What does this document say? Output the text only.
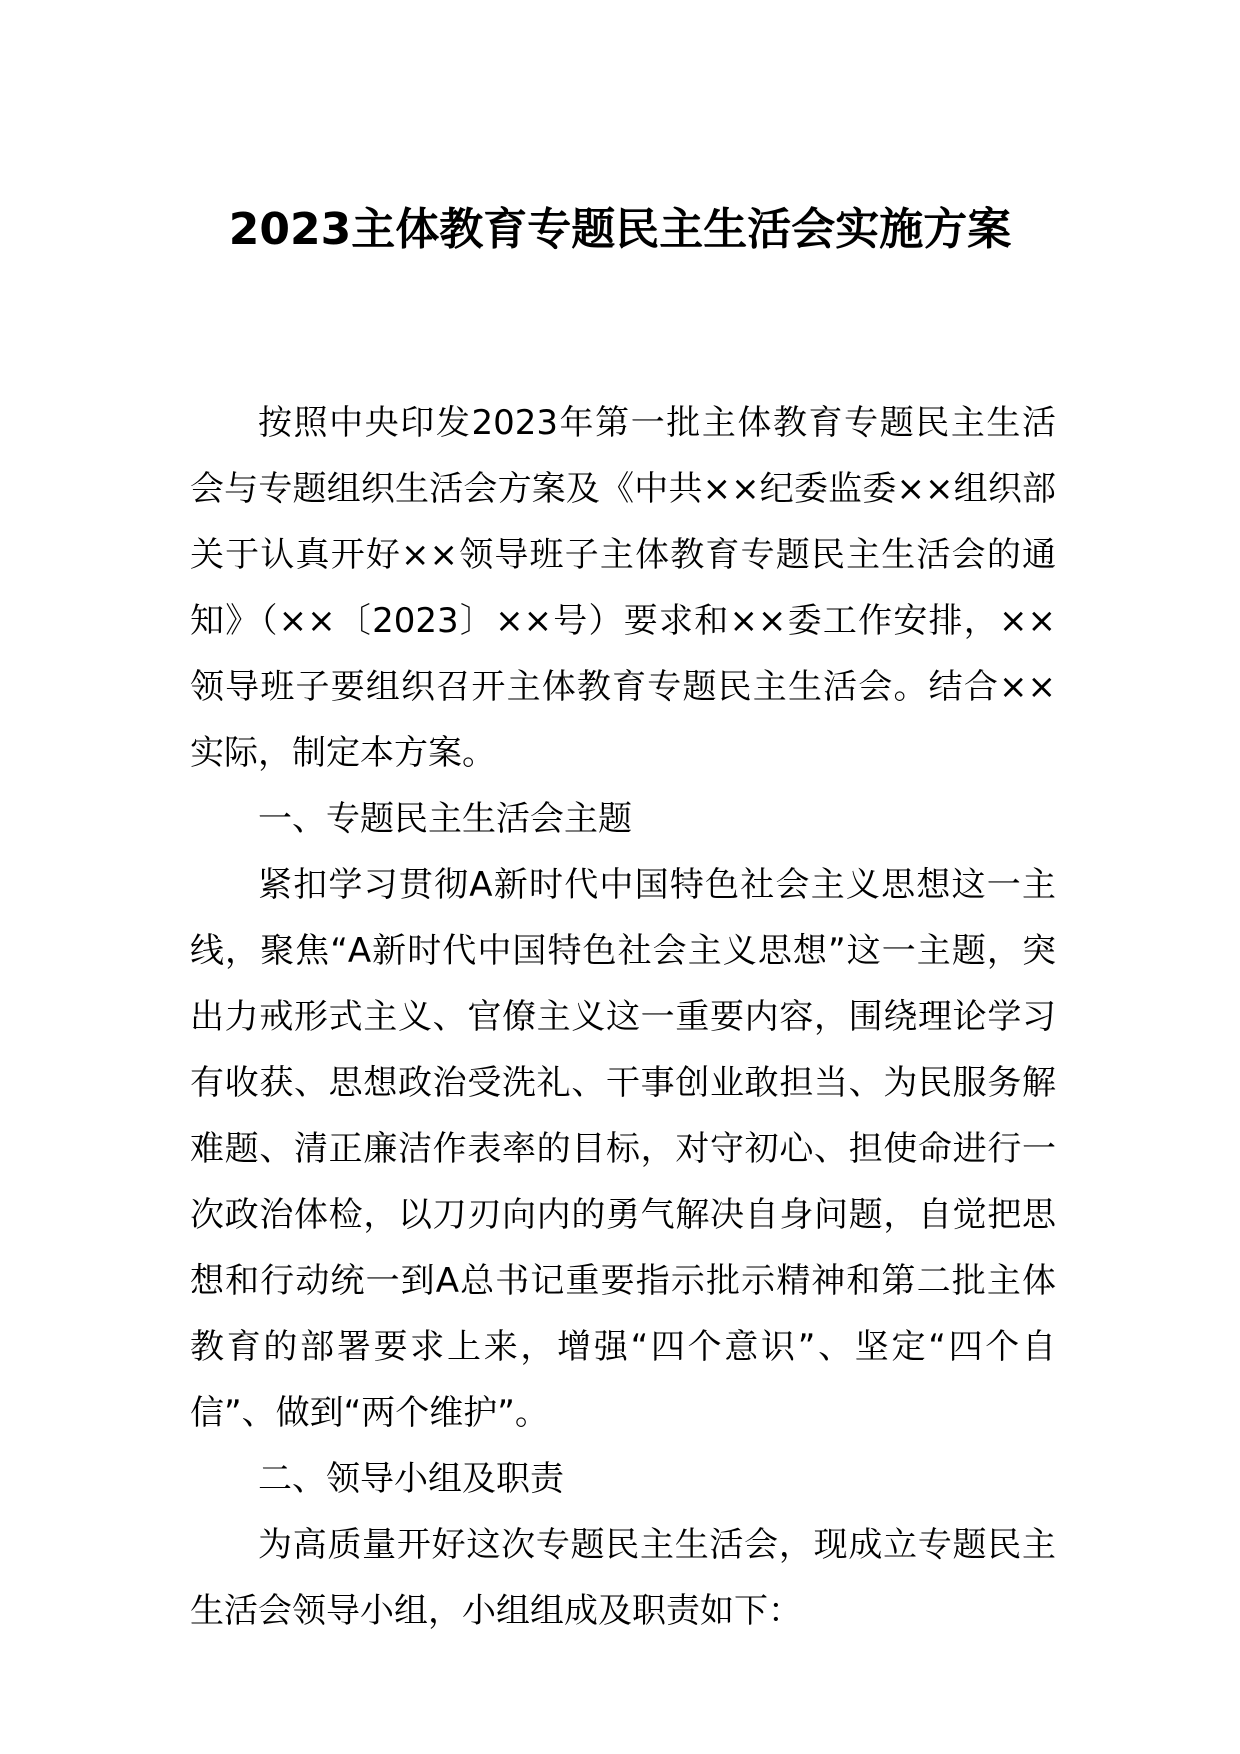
2023主体教育专题民主生活会实施方案

按照中央印发2023年第一批主体教育专题民主生活会与专题组织生活会方案及《中共××纪委监委××组织部关于认真开好××领导班子主体教育专题民主生活会的通知》（××〔2023〕××号）要求和××委工作安排，××领导班子要组织召开主体教育专题民主生活会。结合××实际，制定本方案。

一、专题民主生活会主题

紧扣学习贯彻A新时代中国特色社会主义思想这一主线，聚焦“A新时代中国特色社会主义思想”这一主题，突出力戒形式主义、官僚主义这一重要内容，围绕理论学习有收获、思想政治受洗礼、干事创业敢担当、为民服务解难题、清正廉洁作表率的目标，对守初心、担使命进行一次政治体检，以刀刃向内的勇气解决自身问题，自觉把思想和行动统一到A总书记重要指示批示精神和第二批主体教育的部署要求上来，增强“四个意识”、坚定“四个自信”、做到“两个维护”。

二、领导小组及职责

为高质量开好这次专题民主生活会，现成立专题民主生活会领导小组，小组组成及职责如下：
